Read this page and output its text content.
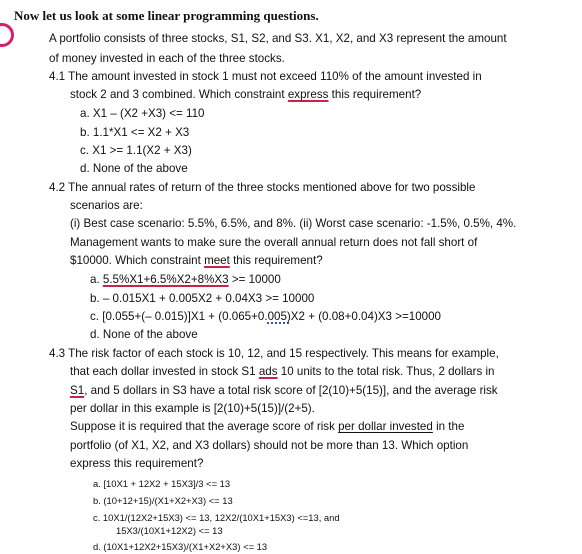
Now let us look at some linear programming questions.
A portfolio consists of three stocks, S1, S2, and S3. X1, X2, and X3 represent the amount
of money invested in each of the three stocks.
4.1 The amount invested in stock 1 must not exceed 110% of the amount invested in
stock 2 and 3 combined. Which constraint express this requirement?
a. X1 – (X2 +X3) <= 110
b. 1.1*X1 <= X2 + X3
c. X1 >= 1.1(X2 + X3)
d. None of the above
4.2 The annual rates of return of the three stocks mentioned above for two possible
scenarios are:
(i) Best case scenario: 5.5%, 6.5%, and 8%. (ii) Worst case scenario: -1.5%, 0.5%, 4%.
Management wants to make sure the overall annual return does not fall short of
$10000. Which constraint meet this requirement?
a. 5.5%X1+6.5%X2+8%X3 >= 10000
b. – 0.015X1 + 0.005X2 + 0.04X3 >= 10000
c. [0.055+(– 0.015)]X1 + (0.065+0.005)X2 + (0.08+0.04)X3 >=10000
d. None of the above
4.3 The risk factor of each stock is 10, 12, and 15 respectively. This means for example,
that each dollar invested in stock S1 ads 10 units to the total risk. Thus, 2 dollars in
S1, and 5 dollars in S3 have a total risk score of [2(10)+5(15)], and the average risk
per dollar in this example is [2(10)+5(15)]/(2+5).
Suppose it is required that the average score of risk per dollar invested in the
portfolio (of X1, X2, and X3 dollars) should not be more than 13. Which option
express this requirement?
a. [10X1 + 12X2 + 15X3]/3 <= 13
b. (10+12+15)/(X1+X2+X3) <= 13
c. 10X1/(12X2+15X3) <= 13, 12X2/(10X1+15X3) <=13, and
15X3/(10X1+12X2) <= 13
d. (10X1+12X2+15X3)/(X1+X2+X3) <= 13
